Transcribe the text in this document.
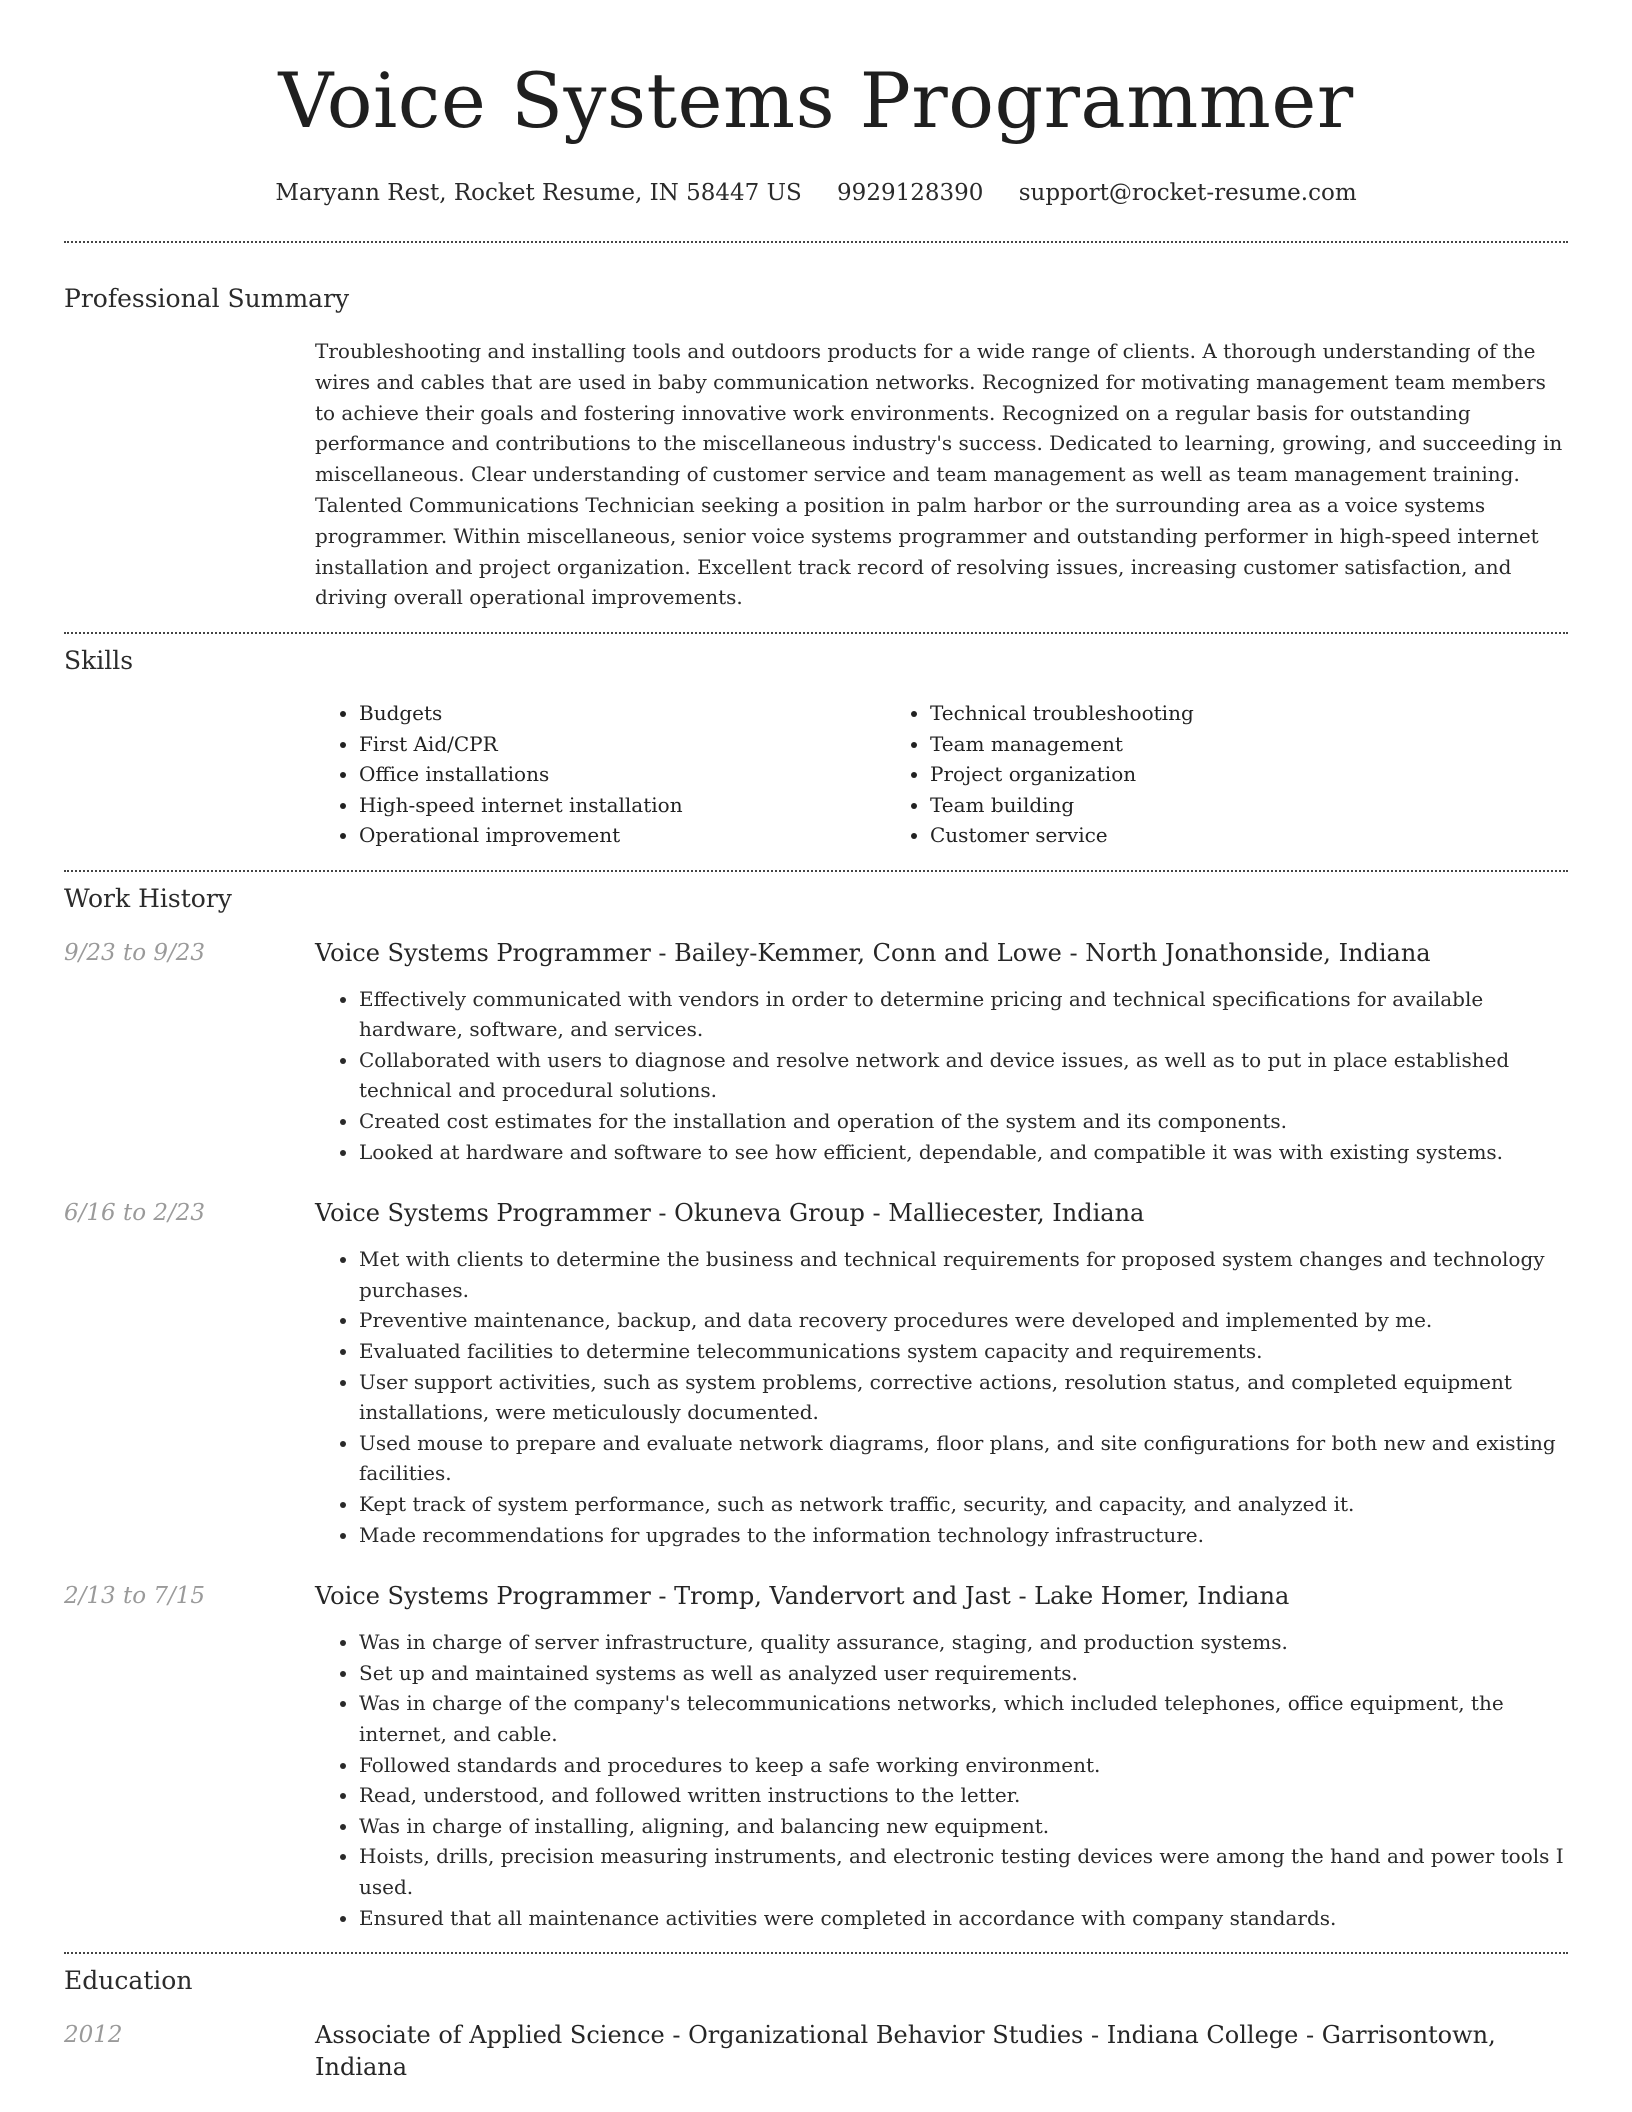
Voice Systems Programmer
Maryann Rest, Rocket Resume, IN 58447 US 9929128390 support@rocket-resume.com
Professional Summary
Troubleshooting and installing tools and outdoors products for a wide range of clients. A thorough understanding of the wires and cables that are used in baby communication networks. Recognized for motivating management team members to achieve their goals and fostering innovative work environments. Recognized on a regular basis for outstanding performance and contributions to the miscellaneous industry's success. Dedicated to learning, growing, and succeeding in miscellaneous. Clear understanding of customer service and team management as well as team management training. Talented Communications Technician seeking a position in palm harbor or the surrounding area as a voice systems programmer. Within miscellaneous, senior voice systems programmer and outstanding performer in high-speed internet installation and project organization. Excellent track record of resolving issues, increasing customer satisfaction, and driving overall operational improvements.
Skills
• Budgets
• First Aid/CPR
• Office installations
• High-speed internet installation
• Operational improvement
• Technical troubleshooting
• Team management
• Project organization
• Team building
• Customer service
Work History
9/23 to 9/23	Voice Systems Programmer - Bailey-Kemmer, Conn and Lowe - North Jonathonside, Indiana
• Effectively communicated with vendors in order to determine pricing and technical specifications for available hardware, software, and services.
• Collaborated with users to diagnose and resolve network and device issues, as well as to put in place established technical and procedural solutions.
• Created cost estimates for the installation and operation of the system and its components.
• Looked at hardware and software to see how efficient, dependable, and compatible it was with existing systems.
6/16 to 2/23	Voice Systems Programmer - Okuneva Group - Malliecester, Indiana
• Met with clients to determine the business and technical requirements for proposed system changes and technology purchases.
• Preventive maintenance, backup, and data recovery procedures were developed and implemented by me.
• Evaluated facilities to determine telecommunications system capacity and requirements.
• User support activities, such as system problems, corrective actions, resolution status, and completed equipment installations, were meticulously documented.
• Used mouse to prepare and evaluate network diagrams, floor plans, and site configurations for both new and existing facilities.
• Kept track of system performance, such as network traffic, security, and capacity, and analyzed it.
• Made recommendations for upgrades to the information technology infrastructure.
2/13 to 7/15	Voice Systems Programmer - Tromp, Vandervort and Jast - Lake Homer, Indiana
• Was in charge of server infrastructure, quality assurance, staging, and production systems.
• Set up and maintained systems as well as analyzed user requirements.
• Was in charge of the company's telecommunications networks, which included telephones, office equipment, the internet, and cable.
• Followed standards and procedures to keep a safe working environment.
• Read, understood, and followed written instructions to the letter.
• Was in charge of installing, aligning, and balancing new equipment.
• Hoists, drills, precision measuring instruments, and electronic testing devices were among the hand and power tools I used.
• Ensured that all maintenance activities were completed in accordance with company standards.
Education
2012	Associate of Applied Science - Organizational Behavior Studies - Indiana College - Garrisontown, Indiana
